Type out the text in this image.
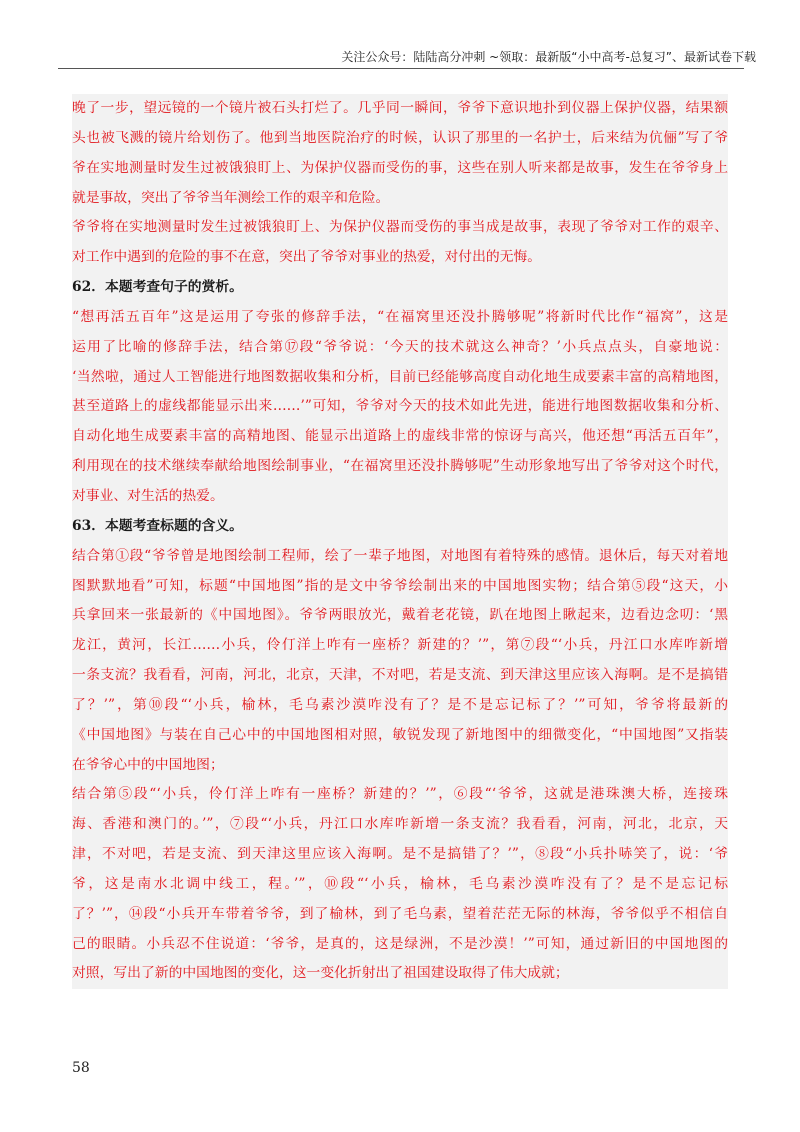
关注公众号：陆陆高分冲刺 ~领取：最新版“小中高考-总复习”、最新试卷下载
晚了一步，望远镜的一个镜片被石头打烂了。几乎同一瞬间，爷爷下意识地扑到仪器上保护仪器，结果额
头也被飞溅的镜片给划伤了。他到当地医院治疗的时候，认识了那里的一名护士，后来结为伉俪”写了爷
爷在实地测量时发生过被饿狼盯上、为保护仪器而受伤的事，这些在别人听来都是故事，发生在爷爷身上
就是事故，突出了爷爷当年测绘工作的艰辛和危险。
爷爷将在实地测量时发生过被饿狼盯上、为保护仪器而受伤的事当成是故事，表现了爷爷对工作的艰辛、
对工作中遇到的危险的事不在意，突出了爷爷对事业的热爱，对付出的无悔。
62．本题考查句子的赏析。
“想再活五百年”这是运用了夸张的修辞手法，“在福窝里还没扑腾够呢”将新时代比作“福窝”，这是
运用了比喻的修辞手法，结合第⑰段“爷爷说：‘今天的技术就这么神奇？’小兵点点头，自豪地说：
‘当然啦，通过人工智能进行地图数据收集和分析，目前已经能够高度自动化地生成要素丰富的高精地图，
甚至道路上的虚线都能显示出来……’”可知，爷爷对今天的技术如此先进，能进行地图数据收集和分析、
自动化地生成要素丰富的高精地图、能显示出道路上的虚线非常的惊讶与高兴，他还想“再活五百年”，
利用现在的技术继续奉献给地图绘制事业，“在福窝里还没扑腾够呢”生动形象地写出了爷爷对这个时代，
对事业、对生活的热爱。
63．本题考查标题的含义。
结合第①段“爷爷曾是地图绘制工程师，绘了一辈子地图，对地图有着特殊的感情。退休后，每天对着地
图默默地看”可知，标题“中国地图”指的是文中爷爷绘制出来的中国地图实物；结合第⑤段“这天，小
兵拿回来一张最新的《中国地图》。爷爷两眼放光，戴着老花镜，趴在地图上瞅起来，边看边念叨：‘黑
龙江，黄河，长江……小兵，伶仃洋上咋有一座桥？新建的？’”，第⑦段“‘小兵，丹江口水库咋新增
一条支流？我看看，河南，河北，北京，天津，不对吧，若是支流、到天津这里应该入海啊。是不是搞错
了？’”，第⑩段“‘小兵，榆林，毛乌素沙漠咋没有了？是不是忘记标了？’”可知，爷爷将最新的
《中国地图》与装在自己心中的中国地图相对照，敏锐发现了新地图中的细微变化，“中国地图”又指装
在爷爷心中的中国地图；
结合第⑤段“‘小兵，伶仃洋上咋有一座桥？新建的？’”，⑥段“‘爷爷，这就是港珠澳大桥，连接珠
海、香港和澳门的。’”，⑦段“‘小兵，丹江口水库咋新增一条支流？我看看，河南，河北，北京，天
津，不对吧，若是支流、到天津这里应该入海啊。是不是搞错了？’”，⑧段“小兵扑哧笑了，说：‘爷
爷，这是南水北调中线工，程。’”，⑩段“‘小兵，榆林，毛乌素沙漠咋没有了？是不是忘记标
了？’”，⑭段“小兵开车带着爷爷，到了榆林，到了毛乌素，望着茫茫无际的林海，爷爷似乎不相信自
己的眼睛。小兵忍不住说道：‘爷爷，是真的，这是绿洲，不是沙漠！’”可知，通过新旧的中国地图的
对照，写出了新的中国地图的变化，这一变化折射出了祖国建设取得了伟大成就；
58
